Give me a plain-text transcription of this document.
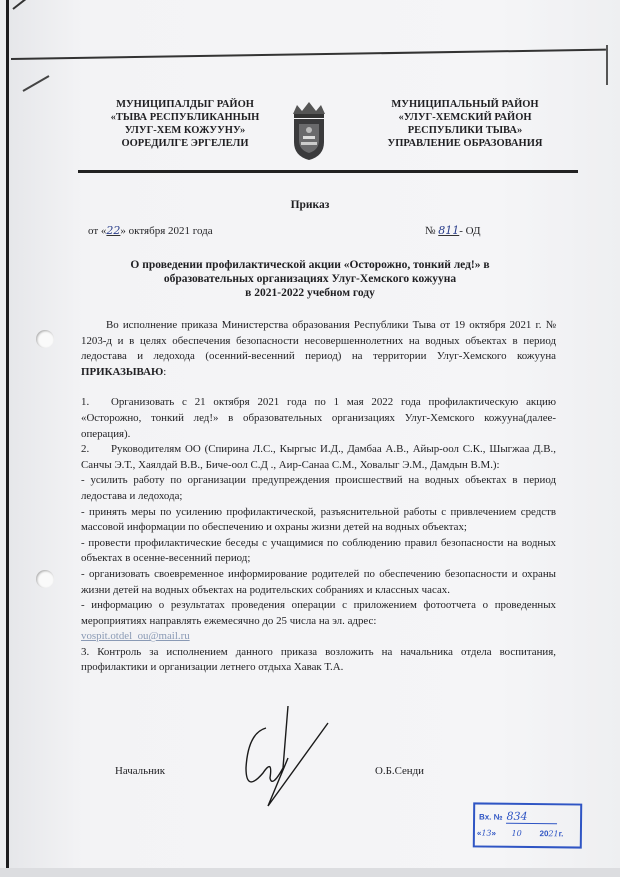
МУНИЦИПАЛДЫГ РАЙОН
«ТЫВА РЕСПУБЛИКАННЫН
УЛУГ-ХЕМ КОЖУУНУ»
ООРЕДИЛГЕ ЭРГЕЛЕЛИ
МУНИЦИПАЛЬНЫЙ РАЙОН
«УЛУГ-ХЕМСКИЙ РАЙОН
РЕСПУБЛИКИ ТЫВА»
УПРАВЛЕНИЕ ОБРАЗОВАНИЯ
Приказ
от «22» октября 2021 года	№ 811- ОД
О проведении профилактической акции «Осторожно, тонкий лед!» в
образовательных организациях Улуг-Хемского кожууна
в 2021-2022 учебном году

Во исполнение приказа Министерства образования Республики Тыва от 19 октября 2021 г. № 1203-д и в целях обеспечения безопасности несовершеннолетних на водных объектах в период ледостава и ледохода (осенний-весенний период) на территории Улуг-Хемского кожууна ПРИКАЗЫВАЮ:

1. Организовать с 21 октября 2021 года по 1 мая 2022 года профилактическую акцию «Осторожно, тонкий лед!» в образовательных организациях Улуг-Хемского кожууна(далее-операция).

2. Руководителям ОО (Спирина Л.С., Кыргыс И.Д., Дамбаа А.В., Айыр-оол С.К., Шыгжаа Д.В., Санчы Э.Т., Хаялдай В.В., Биче-оол С.Д ., Аир-Санаа С.М., Ховалыг Э.М., Дамдын В.М.):

- усилить работу по организации предупреждения происшествий на водных объектах в период ледостава и ледохода;

- принять меры по усилению профилактической, разъяснительной работы с привлечением средств массовой информации по обеспечению и охраны жизни детей на водных объектах;

- провести профилактические беседы с учащимися по соблюдению правил безопасности на водных объектах в осенне-весенний период;

- организовать своевременное информирование родителей по обеспечению безопасности и охраны жизни детей на водных объектах на родительских собраниях и классных часах.

- информацию о результатах проведения операции с приложением фотоотчета о проведенных мероприятиях направлять ежемесячно до 25 числа на эл. адрес:
vospit.otdel_ou@mail.ru

3. Контроль за исполнением данного приказа возложить на начальника отдела воспитания, профилактики и организации летнего отдыха Хавак Т.А.

Начальник	О.Б.Сенди
Вх. № 834
«13»       10 2021г.
